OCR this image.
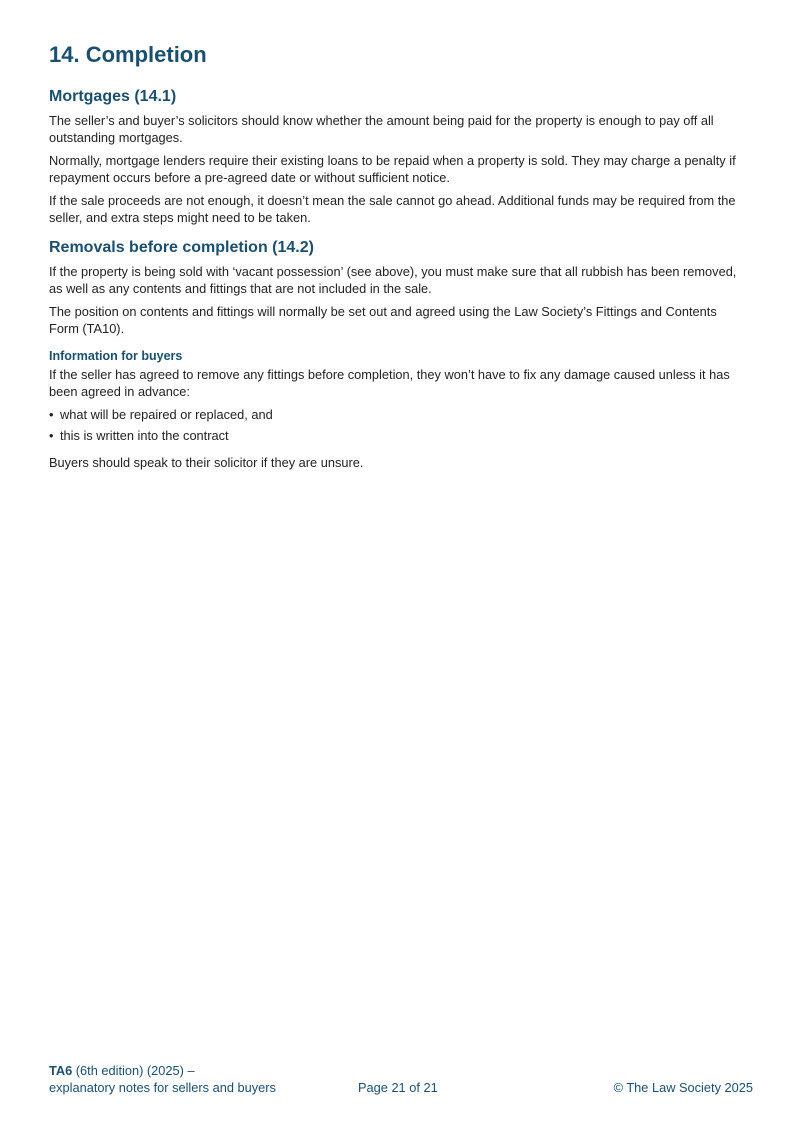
14. Completion
Mortgages (14.1)

The seller’s and buyer’s solicitors should know whether the amount being paid for the property is enough to pay off all outstanding mortgages.

Normally, mortgage lenders require their existing loans to be repaid when a property is sold. They may charge a penalty if repayment occurs before a pre-agreed date or without sufficient notice.

If the sale proceeds are not enough, it doesn’t mean the sale cannot go ahead. Additional funds may be required from the seller, and extra steps might need to be taken.

Removals before completion (14.2)

If the property is being sold with ‘vacant possession’ (see above), you must make sure that all rubbish has been removed, as well as any contents and fittings that are not included in the sale.

The position on contents and fittings will normally be set out and agreed using the Law Society’s Fittings and Contents Form (TA10).

Information for buyers

If the seller has agreed to remove any fittings before completion, they won’t have to fix any damage caused unless it has been agreed in advance:

• what will be repaired or replaced, and
• this is written into the contract

Buyers should speak to their solicitor if they are unsure.

TA6 (6th edition) (2025) –
explanatory notes for sellers and buyers	Page 21 of 21	© The Law Society 2025
